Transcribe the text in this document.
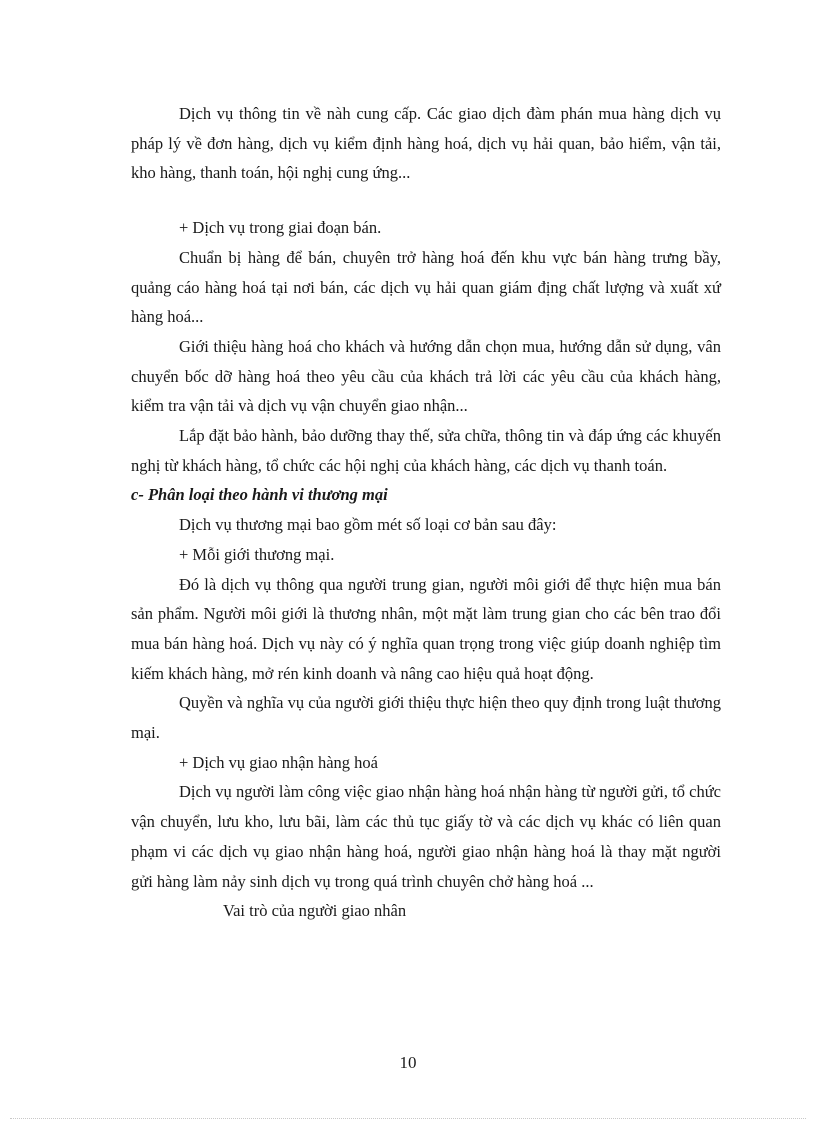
Dịch vụ thông tin về nàh cung cấp. Các giao dịch đàm phán mua hàng dịch vụ pháp lý về đơn hàng, dịch vụ kiểm định hàng hoá, dịch vụ hải quan, bảo hiểm, vận tải, kho hàng, thanh toán, hội nghị cung ứng...

+ Dịch vụ trong giai đoạn bán.

Chuẩn bị hàng để bán, chuyên trở hàng hoá đến khu vực bán hàng trưng bầy, quảng cáo hàng hoá tại nơi bán, các dịch vụ hải quan giám địng chất lượng và xuất xứ hàng hoá...

Giới thiệu hàng hoá cho khách và hướng dẫn chọn mua, hướng dẫn sử dụng, vân chuyển bốc dỡ hàng hoá theo yêu cầu của khách trả lời các yêu cầu của khách hàng, kiểm tra vận tải và dịch vụ vận chuyển giao nhận...

Lắp đặt bảo hành, bảo dưỡng thay thế, sửa chữa, thông tin và đáp ứng các khuyến nghị từ khách hàng, tổ chức các hội nghị của khách hàng, các dịch vụ thanh toán.

c- Phân loại theo hành vi thương mại

Dịch vụ thương mại bao gồm mét số loại cơ bản sau đây:

+ Mỗi giới thương mại.

Đó là dịch vụ thông qua người trung gian, người môi giới để thực hiện mua bán sản phẩm. Người môi giới là thương nhân, một mặt làm trung gian cho các bên trao đổi mua bán hàng hoá. Dịch vụ này có ý nghĩa quan trọng trong việc giúp doanh nghiệp tìm kiếm khách hàng, mở rén kinh doanh và nâng cao hiệu quả hoạt động.

Quyền và nghĩa vụ của người giới thiệu thực hiện theo quy định trong luật thương mại.

+ Dịch vụ giao nhận hàng hoá

Dịch vụ người làm công việc giao nhận hàng hoá nhận hàng từ người gửi, tổ chức vận chuyển, lưu kho, lưu bãi, làm các thủ tục giấy tờ và các dịch vụ khác có liên quan phạm vi các dịch vụ giao nhận hàng hoá, người giao nhận hàng hoá là thay mặt người gửi hàng làm nảy sinh dịch vụ trong quá trình chuyên chở hàng hoá ...

Vai trò của người giao nhân

10
